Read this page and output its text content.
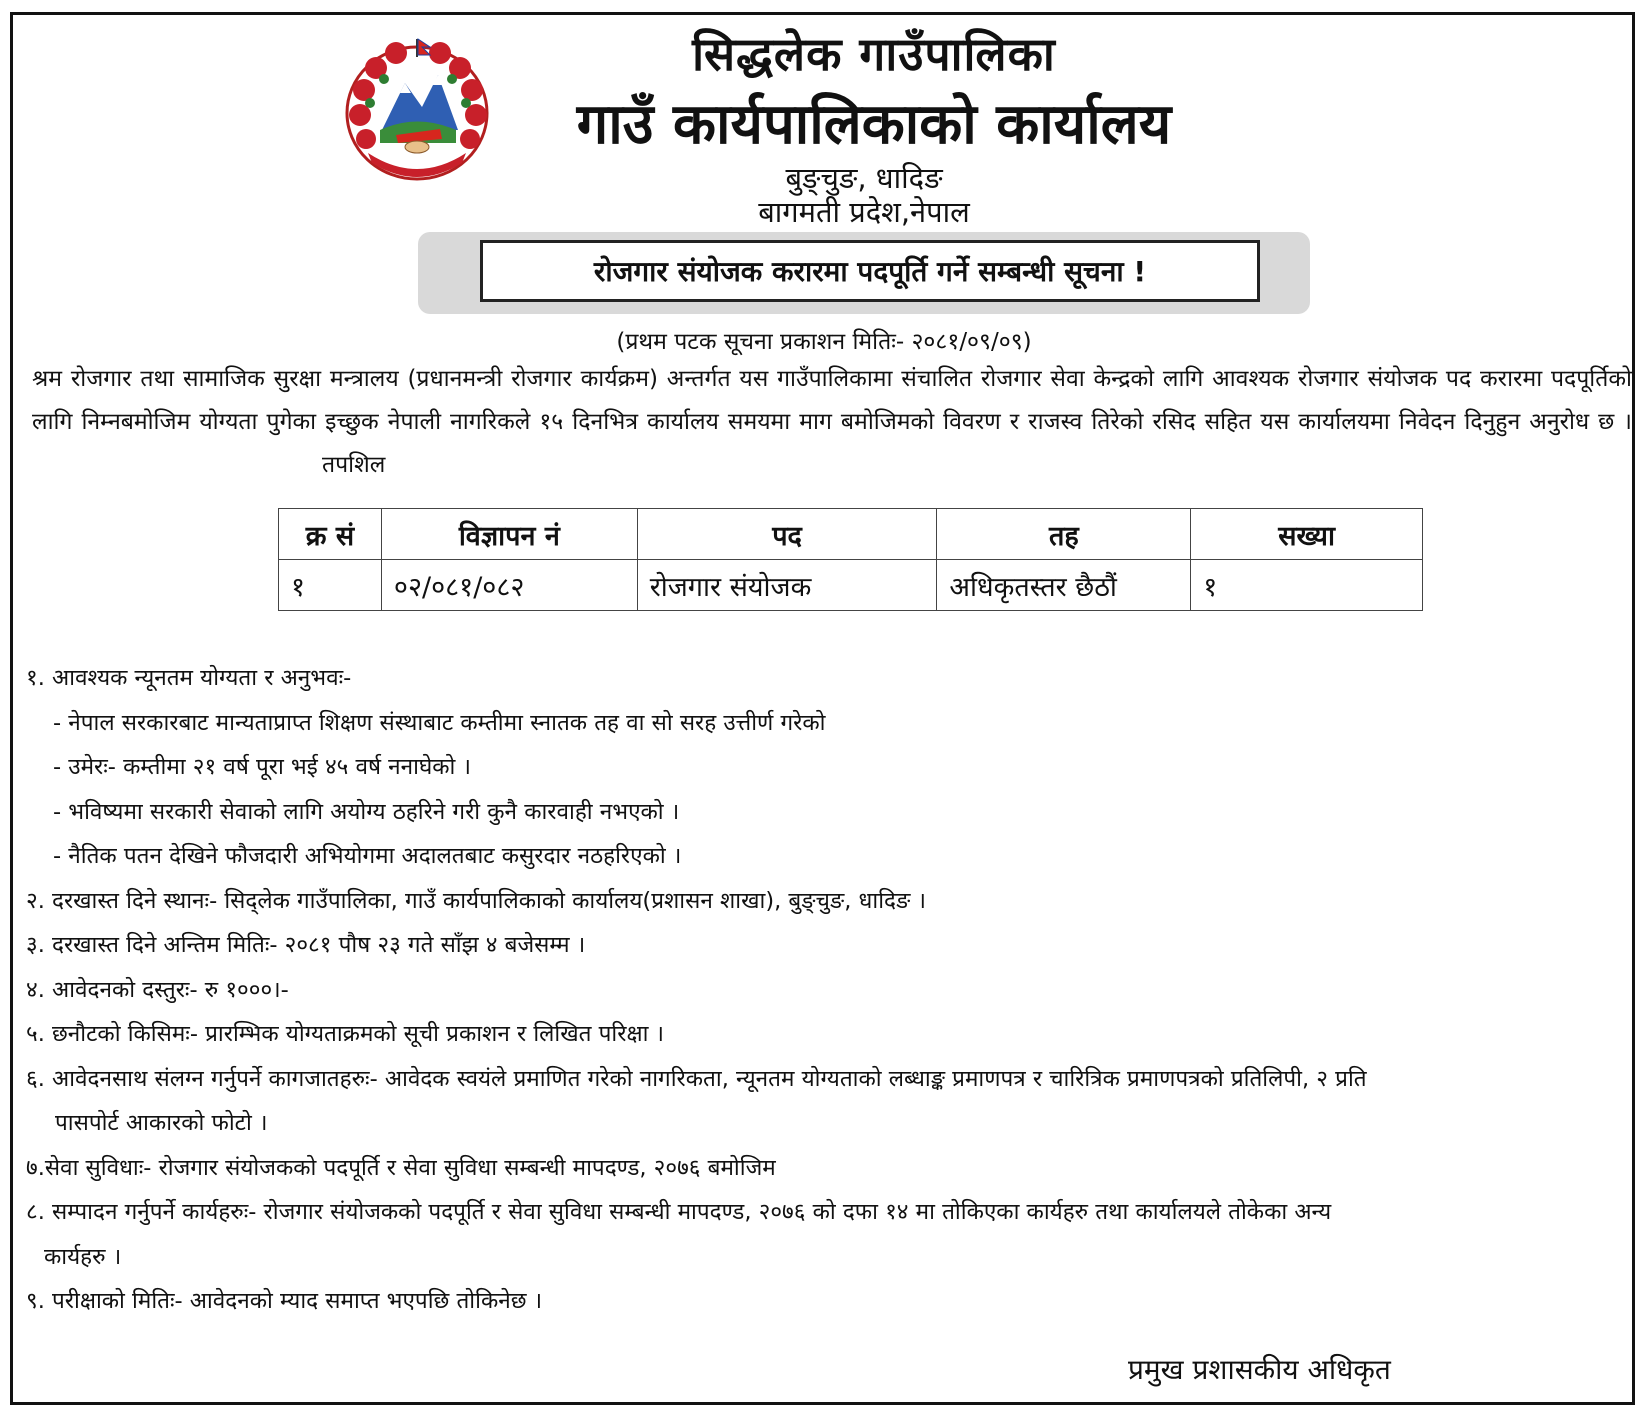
सिद्धलेक गाउँपालिका
गाउँ कार्यपालिकाको कार्यालय
बुङ्चुङ, धादिङ
बागमती प्रदेश,नेपाल
रोजगार संयोजक करारमा पदपूर्ति गर्ने सम्बन्धी सूचना !
(प्रथम पटक सूचना प्रकाशन मितिः- २०८१/०९/०९)
श्रम रोजगार तथा सामाजिक सुरक्षा मन्त्रालय (प्रधानमन्त्री रोजगार कार्यक्रम) अन्तर्गत यस गाउँपालिकामा संचालित रोजगार सेवा केन्द्रको लागि आवश्यक रोजगार संयोजक पद करारमा पदपूर्तिको लागि निम्नबमोजिम योग्यता पुगेका इच्छुक नेपाली नागरिकले १५ दिनभित्र कार्यालय समयमा माग बमोजिमको विवरण र राजस्व तिरेको रसिद सहित यस कार्यालयमा निवेदन दिनुहुन अनुरोध छ ।तपशिल
क्र सं	विज्ञापन नं	पद	तह	सख्या
१	०२/०८१/०८२	रोजगार संयोजक	अधिकृतस्तर छैठौं	१
१. आवश्यक न्यूनतम योग्यता र अनुभवः-
- नेपाल सरकारबाट मान्यताप्राप्त शिक्षण संस्थाबाट कम्तीमा स्नातक तह वा सो सरह उत्तीर्ण गरेको
- उमेरः- कम्तीमा २१ वर्ष पूरा भई ४५ वर्ष ननाघेको ।
- भविष्यमा सरकारी सेवाको लागि अयोग्य ठहरिने गरी कुनै कारवाही नभएको ।
- नैतिक पतन देखिने फौजदारी अभियोगमा अदालतबाट कसुरदार नठहरिएको ।
२. दरखास्त दिने स्थानः- सिद्लेक गाउँपालिका, गाउँ कार्यपालिकाको कार्यालय(प्रशासन शाखा), बुङ्चुङ, धादिङ ।
३. दरखास्त दिने अन्तिम मितिः- २०८१ पौष २३ गते साँझ ४ बजेसम्म ।
४. आवेदनको दस्तुरः- रु १०००।-
५. छनौटको किसिमः- प्रारम्भिक योग्यताक्रमको सूची प्रकाशन र लिखित परिक्षा ।
६. आवेदनसाथ संलग्न गर्नुपर्ने कागजातहरुः- आवेदक स्वयंले प्रमाणित गरेको नागरिकता, न्यूनतम योग्यताको लब्धाङ्क प्रमाणपत्र र चारित्रिक प्रमाणपत्रको प्रतिलिपी, २ प्रति
पासपोर्ट आकारको फोटो ।
७.सेवा सुविधाः- रोजगार संयोजकको पदपूर्ति र सेवा सुविधा सम्बन्धी मापदण्ड, २०७६ बमोजिम
८. सम्पादन गर्नुपर्ने कार्यहरुः- रोजगार संयोजकको पदपूर्ति र सेवा सुविधा सम्बन्धी मापदण्ड, २०७६ को दफा १४ मा तोकिएका कार्यहरु तथा कार्यालयले तोकेका अन्य
कार्यहरु ।
९. परीक्षाको मितिः- आवेदनको म्याद समाप्त भएपछि तोकिनेछ ।
प्रमुख प्रशासकीय अधिकृत
